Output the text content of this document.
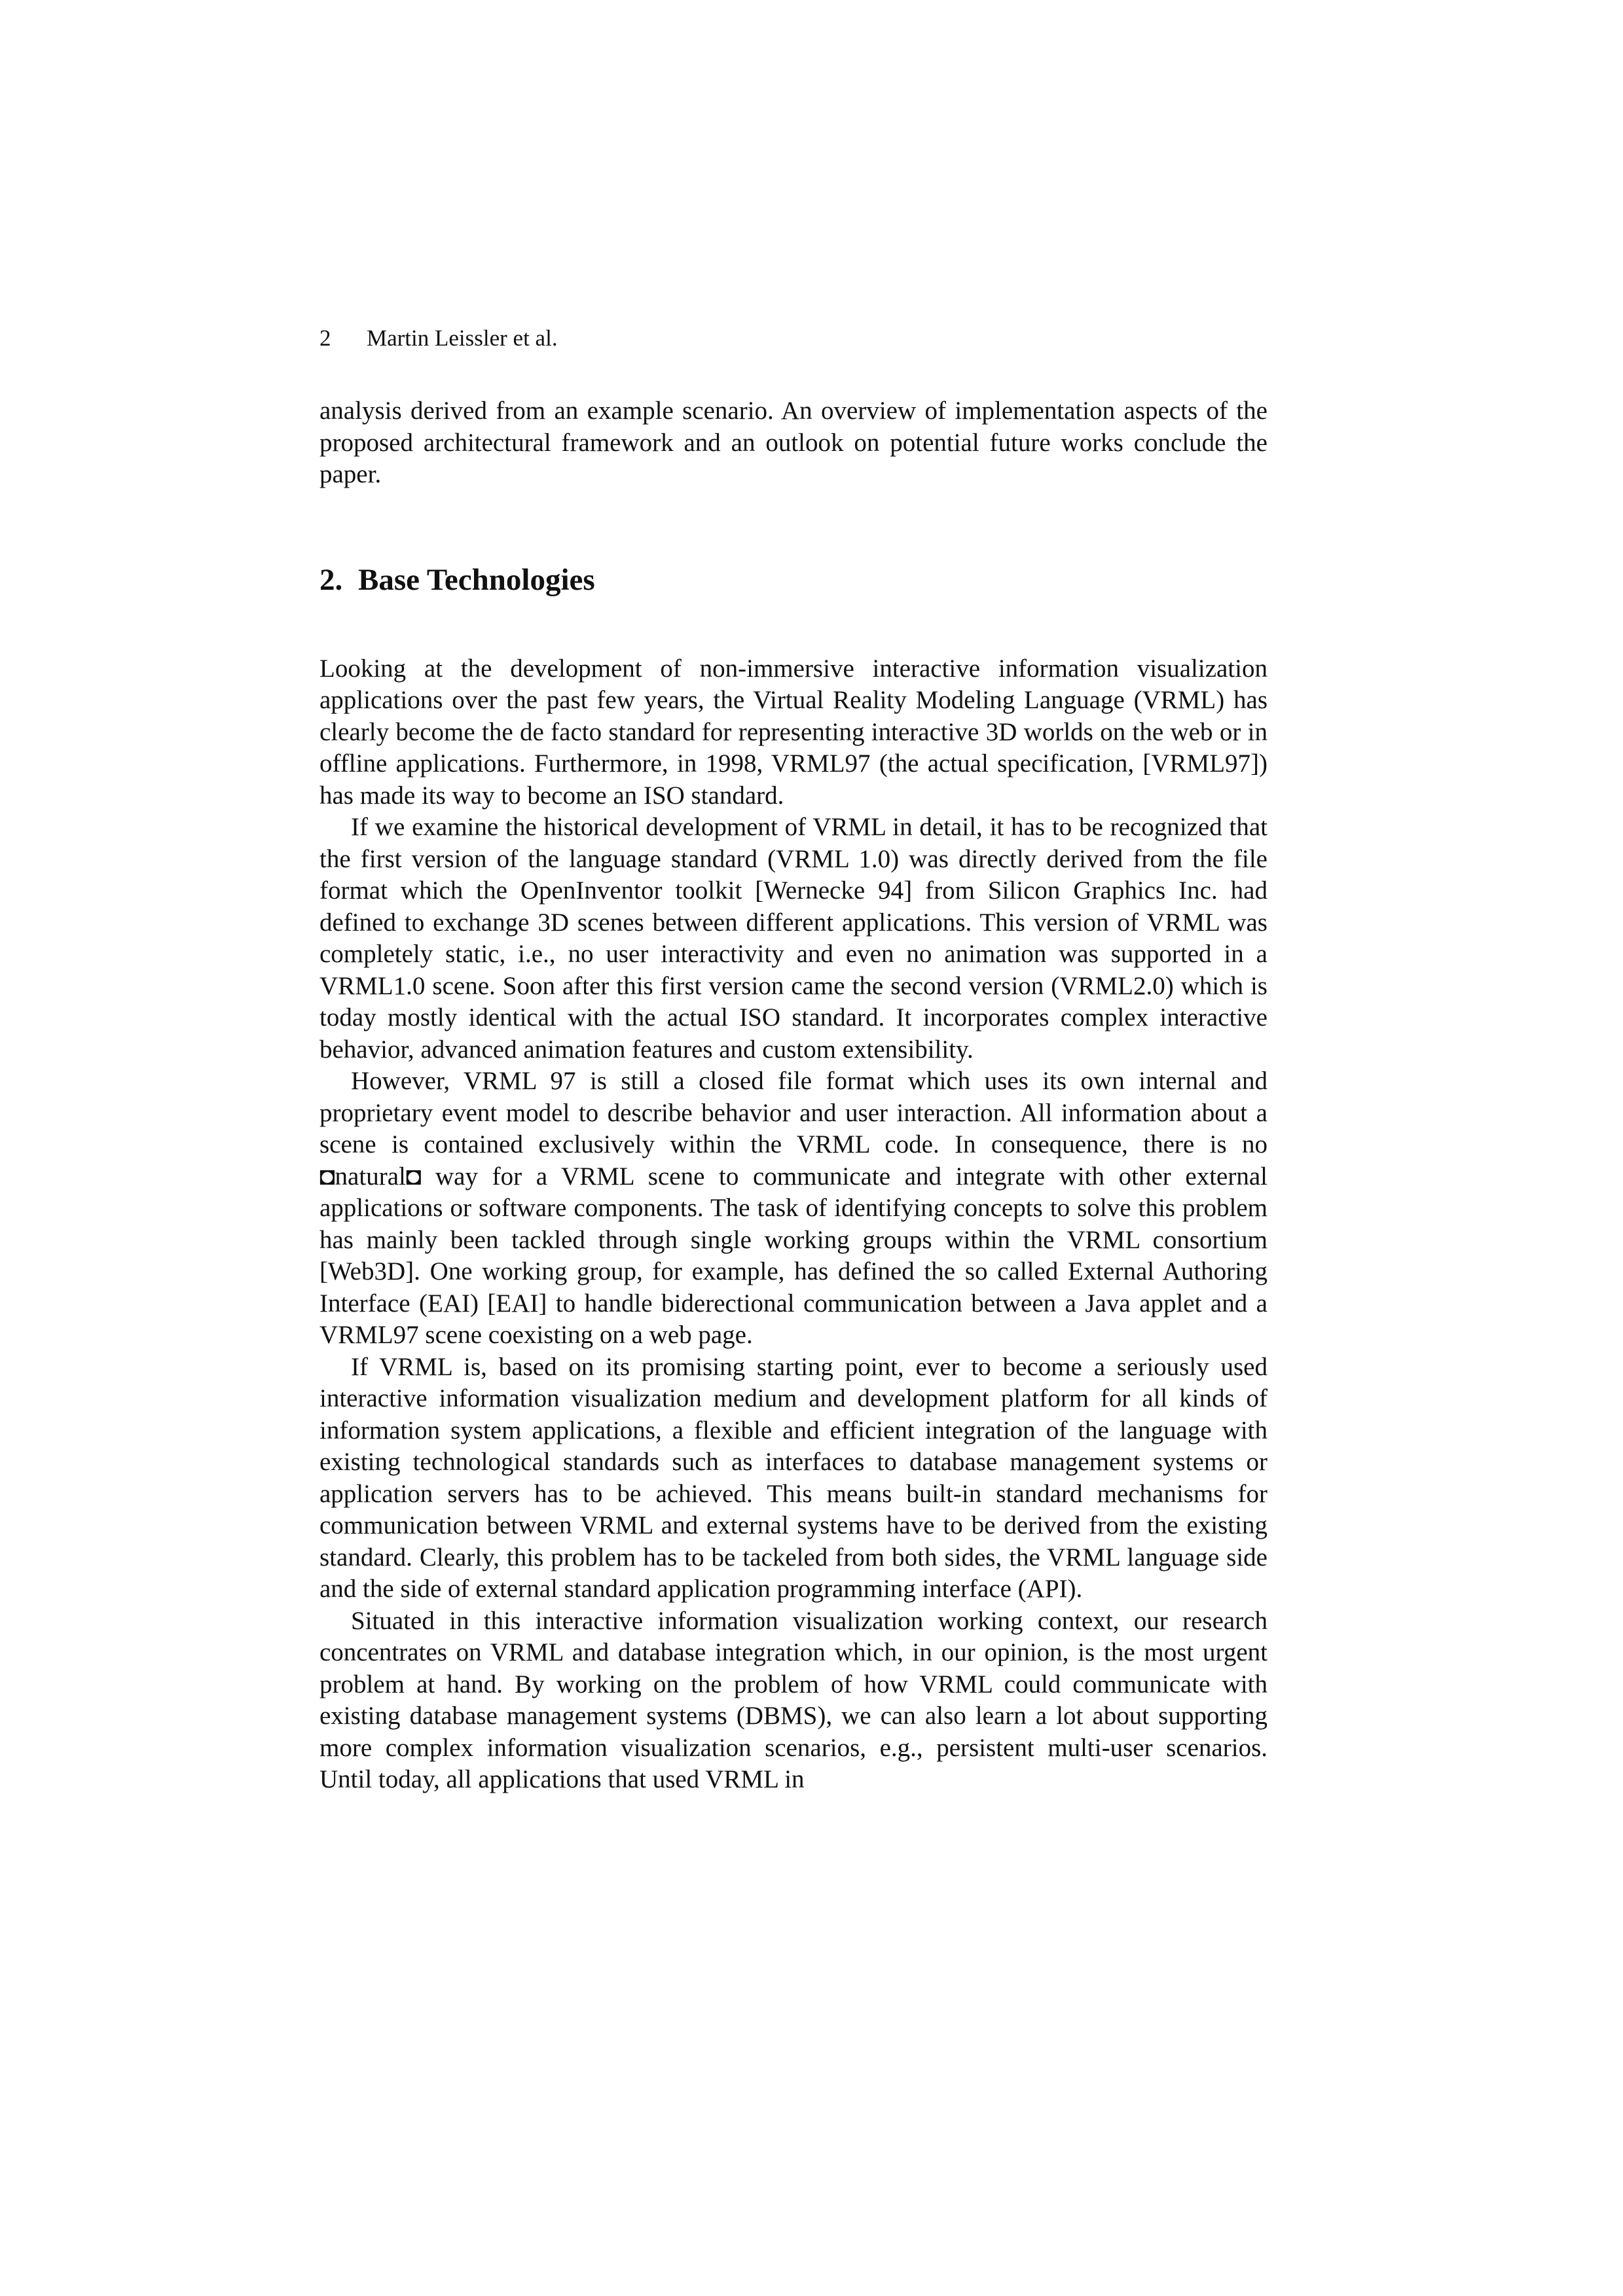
2 Martin Leissler et al.

analysis derived from an example scenario. An overview of implementation aspects of the proposed architectural framework and an outlook on potential future works conclude the paper.

2. Base Technologies

Looking at the development of non-immersive interactive information visualization applications over the past few years, the Virtual Reality Modeling Language (VRML) has clearly become the de facto standard for representing interactive 3D worlds on the web or in offline applications. Furthermore, in 1998, VRML97 (the actual specification, [VRML97]) has made its way to become an ISO standard.

If we examine the historical development of VRML in detail, it has to be recognized that the first version of the language standard (VRML 1.0) was directly derived from the file format which the OpenInventor toolkit [Wernecke 94] from Silicon Graphics Inc. had defined to exchange 3D scenes between different applications. This version of VRML was completely static, i.e., no user interactivity and even no animation was supported in a VRML1.0 scene. Soon after this first version came the second version (VRML2.0) which is today mostly identical with the actual ISO standard. It incorporates complex interactive behavior, advanced animation features and custom extensibility.

However, VRML 97 is still a closed file format which uses its own internal and proprietary event model to describe behavior and user interaction. All information about a scene is contained exclusively within the VRML code. In consequence, there is no ◘natural◘ way for a VRML scene to communicate and integrate with other external applications or software components. The task of identifying concepts to solve this problem has mainly been tackled through single working groups within the VRML consortium [Web3D]. One working group, for example, has defined the so called External Authoring Interface (EAI) [EAI] to handle biderectional communication between a Java applet and a VRML97 scene coexisting on a web page.

If VRML is, based on its promising starting point, ever to become a seriously used interactive information visualization medium and development platform for all kinds of information system applications, a flexible and efficient integration of the language with existing technological standards such as interfaces to database management systems or application servers has to be achieved. This means built-in standard mechanisms for communication between VRML and external systems have to be derived from the existing standard. Clearly, this problem has to be tackeled from both sides, the VRML language side and the side of external standard application programming interface (API).

Situated in this interactive information visualization working context, our research concentrates on VRML and database integration which, in our opinion, is the most urgent problem at hand. By working on the problem of how VRML could communicate with existing database management systems (DBMS), we can also learn a lot about supporting more complex information visualization scenarios, e.g., persistent multi-user scenarios. Until today, all applications that used VRML in
